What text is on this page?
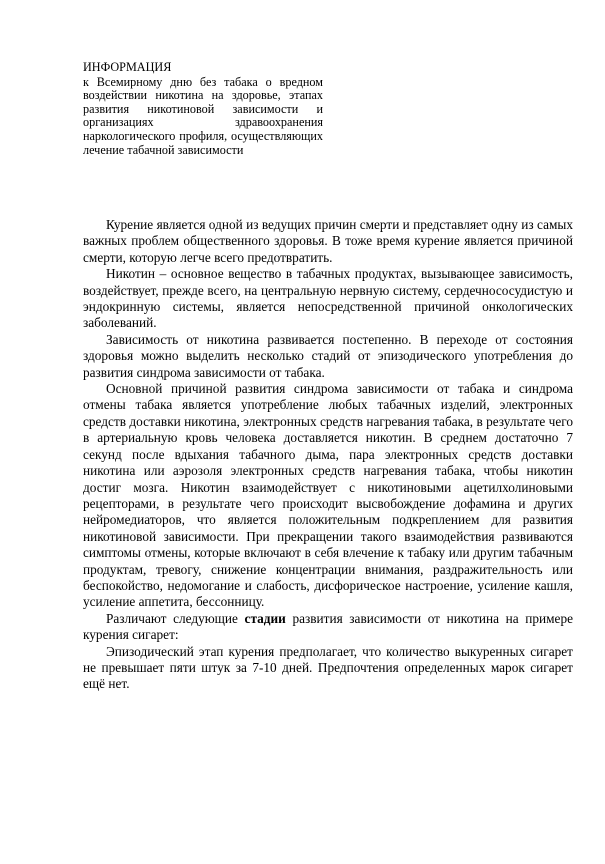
ИНФОРМАЦИЯ
к Всемирному дню без табака о вредном воздействии никотина на здоровье, этапах развития никотиновой зависимости и организациях здравоохранения наркологического профиля, осуществляющих лечение табачной зависимости

Курение является одной из ведущих причин смерти и представляет одну из самых важных проблем общественного здоровья. В тоже время курение является причиной смерти, которую легче всего предотвратить.

Никотин – основное вещество в табачных продуктах, вызывающее зависимость, воздействует, прежде всего, на центральную нервную систему, сердечнососудистую и эндокринную системы, является непосредственной причиной онкологических заболеваний.

Зависимость от никотина развивается постепенно. В переходе от состояния здоровья можно выделить несколько стадий от эпизодического употребления до развития синдрома зависимости от табака.

Основной причиной развития синдрома зависимости от табака и синдрома отмены табака является употребление любых табачных изделий, электронных средств доставки никотина, электронных средств нагревания табака, в результате чего в артериальную кровь человека доставляется никотин. В среднем достаточно 7 секунд после вдыхания табачного дыма, пара электронных средств доставки никотина или аэрозоля электронных средств нагревания табака, чтобы никотин достиг мозга. Никотин взаимодействует с никотиновыми ацетилхолиновыми рецепторами, в результате чего происходит высвобождение дофамина и других нейромедиаторов, что является положительным подкреплением для развития никотиновой зависимости. При прекращении такого взаимодействия развиваются симптомы отмены, которые включают в себя влечение к табаку или другим табачным продуктам, тревогу, снижение концентрации внимания, раздражительность или беспокойство, недомогание и слабость, дисфорическое настроение, усиление кашля, усиление аппетита, бессонницу.

Различают следующие стадии развития зависимости от никотина на примере курения сигарет:

Эпизодический этап курения предполагает, что количество выкуренных сигарет не превышает пяти штук за 7-10 дней. Предпочтения определенных марок сигарет ещё нет.
